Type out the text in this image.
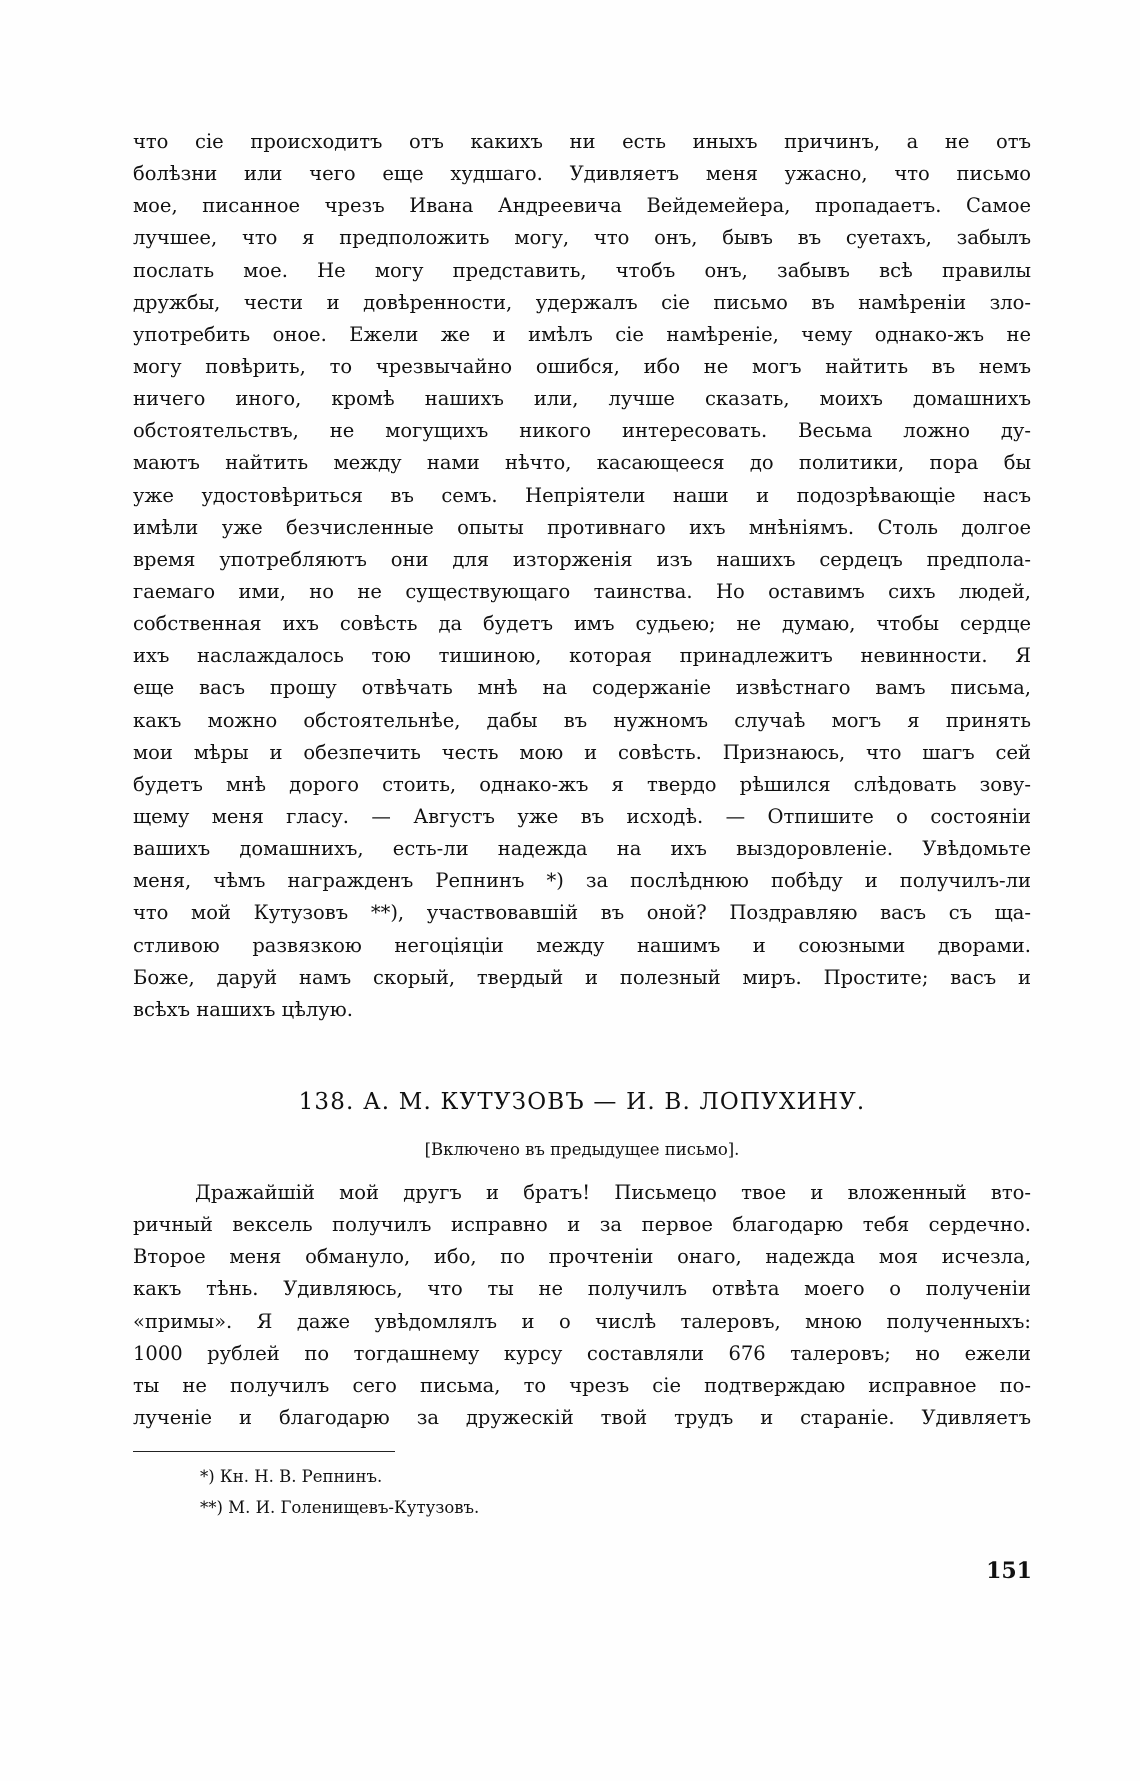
что сіе происходитъ отъ какихъ ни есть иныхъ причинъ, а не отъ
болѣзни или чего еще худшаго. Удивляетъ меня ужасно, что письмо
мое, писанное чрезъ Ивана Андреевича Вейдемейера, пропадаетъ. Самое
лучшее, что я предположить могу, что онъ, бывъ въ суетахъ, забылъ
послать мое. Не могу представить, чтобъ онъ, забывъ всѣ правилы
дружбы, чести и довѣренности, удержалъ сіе письмо въ намѣреніи зло-
употребить оное. Ежели же и имѣлъ сіе намѣреніе, чему однако-жъ не
могу повѣрить, то чрезвычайно ошибся, ибо не могъ найтить въ немъ
ничего иного, кромѣ нашихъ или, лучше сказать, моихъ домашнихъ
обстоятельствъ, не могущихъ никого интересовать. Весьма ложно ду-
маютъ найтить между нами нѣчто, касающееся до политики, пора бы
уже удостовѣриться въ семъ. Непріятели наши и подозрѣвающіе насъ
имѣли уже безчисленные опыты противнаго ихъ мнѣніямъ. Столь долгое
время употребляютъ они для изторженія изъ нашихъ сердецъ предпола-
гаемаго ими, но не существующаго таинства. Но оставимъ сихъ людей,
собственная ихъ совѣсть да будетъ имъ судьею; не думаю, чтобы сердце
ихъ наслаждалось тою тишиною, которая принадлежитъ невинности. Я
еще васъ прошу отвѣчать мнѣ на содержаніе извѣстнаго вамъ письма,
какъ можно обстоятельнѣе, дабы въ нужномъ случаѣ могъ я принять
мои мѣры и обезпечить честь мою и совѣсть. Признаюсь, что шагъ сей
будетъ мнѣ дорого стоить, однако-жъ я твердо рѣшился слѣдовать зову-
щему меня гласу. — Августъ уже въ исходѣ. — Отпишите о состояніи
вашихъ домашнихъ, есть-ли надежда на ихъ выздоровленіе. Увѣдомьте
меня, чѣмъ награжденъ Репнинъ *) за послѣднюю побѣду и получилъ-ли
что мой Кутузовъ **), участвовавшій въ оной? Поздравляю васъ съ ща-
стливою развязкою негоціяціи между нашимъ и союзными дворами.
Боже, даруй намъ скорый, твердый и полезный миръ. Простите; васъ и
всѣхъ нашихъ цѣлую.
138. А. М. КУТУЗОВЪ — И. В. ЛОПУХИНУ.
[Включено въ предыдущее письмо].
Дражайшій мой другъ и братъ! Письмецо твое и вложенный вто-
ричный вексель получилъ исправно и за первое благодарю тебя сердечно.
Второе меня обмануло, ибо, по прочтеніи онаго, надежда моя исчезла,
какъ тѣнь. Удивляюсь, что ты не получилъ отвѣта моего о полученіи
«примы». Я даже увѣдомлялъ и о числѣ талеровъ, мною полученныхъ:
1000 рублей по тогдашнему курсу составляли 676 талеровъ; но ежели
ты не получилъ сего письма, то чрезъ сіе подтверждаю исправное по-
лученіе и благодарю за дружескій твой трудъ и стараніе. Удивляетъ
*) Кн. Н. В. Репнинъ.
**) М. И. Голенищевъ-Кутузовъ.
151
